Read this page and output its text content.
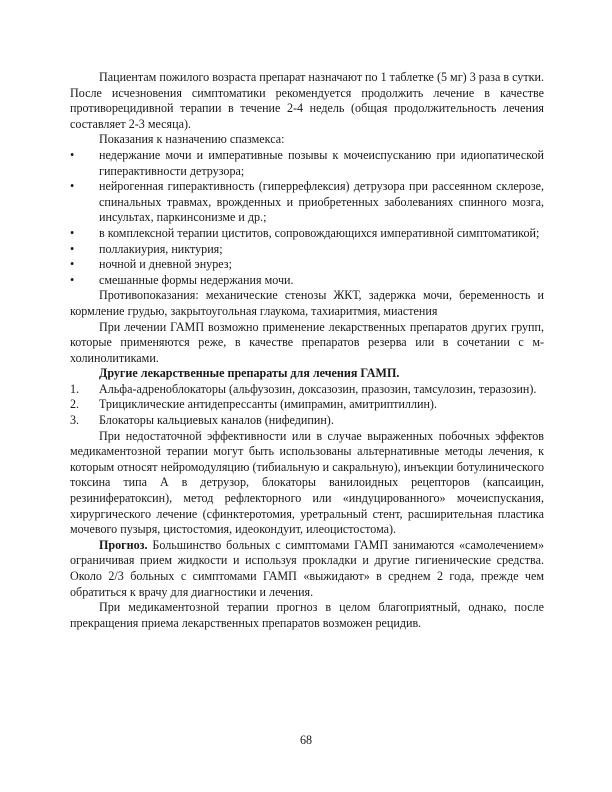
Пациентам пожилого возраста препарат назначают по 1 таблетке (5 мг) 3 раза в сутки. После исчезновения симптоматики рекомендуется продолжить лечение в качестве противорецидивной терапии в течение 2-4 недель (общая продолжительность лечения составляет 2-3 месяца).

Показания к назначению спазмекса:

• недержание мочи и императивные позывы к мочеиспусканию при идиопатической гиперактивности детрузора;
• нейрогенная гиперактивность (гиперрефлексия) детрузора при рассеянном склерозе, спинальных травмах, врожденных и приобретенных заболеваниях спинного мозга, инсультах, паркинсонизме и др.;
• в комплексной терапии циститов, сопровождающихся императивной симптоматикой;
• поллакиурия, никтурия;
• ночной и дневной энурез;
• смешанные формы недержания мочи.

Противопоказания: механические стенозы ЖКТ, задержка мочи, беременность и кормление грудью, закрытоугольная глаукома, тахиаритмия, миастения

При лечении ГАМП возможно применение лекарственных препаратов других групп, которые применяются реже, в качестве препаратов резерва или в сочетании с м-холинолитиками.

Другие лекарственные препараты для лечения ГАМП.
1. Альфа-адреноблокаторы (альфузозин, доксазозин, празозин, тамсулозин, теразозин).
2. Трициклические антидепрессанты (имипрамин, амитриптиллин).
3. Блокаторы кальциевых каналов (нифедипин).

При недостаточной эффективности или в случае выраженных побочных эффектов медикаментозной терапии могут быть использованы альтернативные методы лечения, к которым относят нейромодуляцию (тибиальную и сакральную), инъекции ботулинического токсина типа А в детрузор, блокаторы ванилоидных рецепторов (капсаицин, резинифератоксин), метод рефлекторного или «индуцированного» мочеиспускания, хирургического лечение (сфинктеротомия, уретральный стент, расширительная пластика мочевого пузыря, цистостомия, идеокондуит, илеоцистостома).

Прогноз. Большинство больных с симптомами ГАМП занимаются «самолечением» ограничивая прием жидкости и используя прокладки и другие гигиенические средства. Около 2/3 больных с симптомами ГАМП «выжидают» в среднем 2 года, прежде чем обратиться к врачу для диагностики и лечения.

При медикаментозной терапии прогноз в целом благоприятный, однако, после прекращения приема лекарственных препаратов возможен рецидив.

68
